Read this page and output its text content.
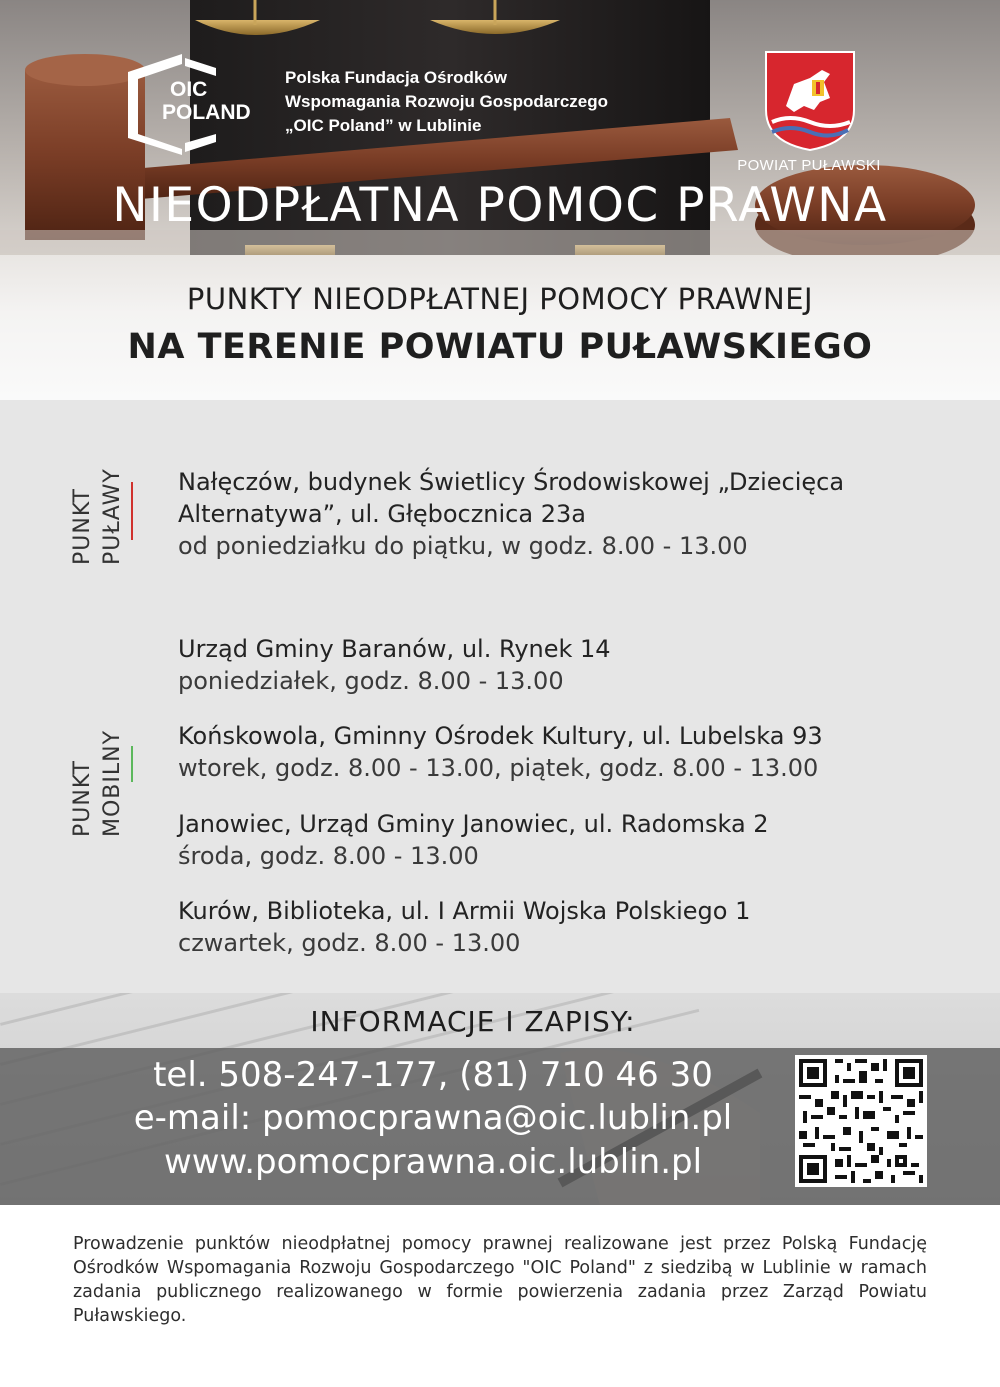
OIC
POLAND
Polska Fundacja Ośrodków
Wspomagania Rozwoju Gospodarczego
„OIC Poland” w Lublinie
POWIAT PUŁAWSKI
NIEODPŁATNA POMOC PRAWNA
PUNKTY NIEODPŁATNEJ POMOCY PRAWNEJ
NA TERENIE POWIATU PUŁAWSKIEGO
PUNKT PUŁAWY Nałęczów, budynek Świetlicy Środowiskowej „Dziecięca
Alternatywa”, ul. Głębocznica 23a
od poniedziałku do piątku, w godz. 8.00 - 13.00
PUNKT MOBILNY
Urząd Gminy Baranów, ul. Rynek 14
poniedziałek, godz. 8.00 - 13.00
Końskowola, Gminny Ośrodek Kultury, ul. Lubelska 93
wtorek, godz. 8.00 - 13.00, piątek, godz. 8.00 - 13.00
Janowiec, Urząd Gminy Janowiec, ul. Radomska 2
środa, godz. 8.00 - 13.00
Kurów, Biblioteka, ul. I Armii Wojska Polskiego 1
czwartek, godz. 8.00 - 13.00
INFORMACJE I ZAPISY:
tel. 508-247-177, (81) 710 46 30
e-mail: pomocprawna@oic.lublin.pl
www.pomocprawna.oic.lublin.pl
Prowadzenie punktów nieodpłatnej pomocy prawnej realizowane jest przez Polską Fundację Ośrodków Wspomagania Rozwoju Gospodarczego "OIC Poland" z siedzibą w Lublinie w ramach zadania publicznego realizowanego w formie powierzenia zadania przez Zarząd Powiatu Puławskiego.
